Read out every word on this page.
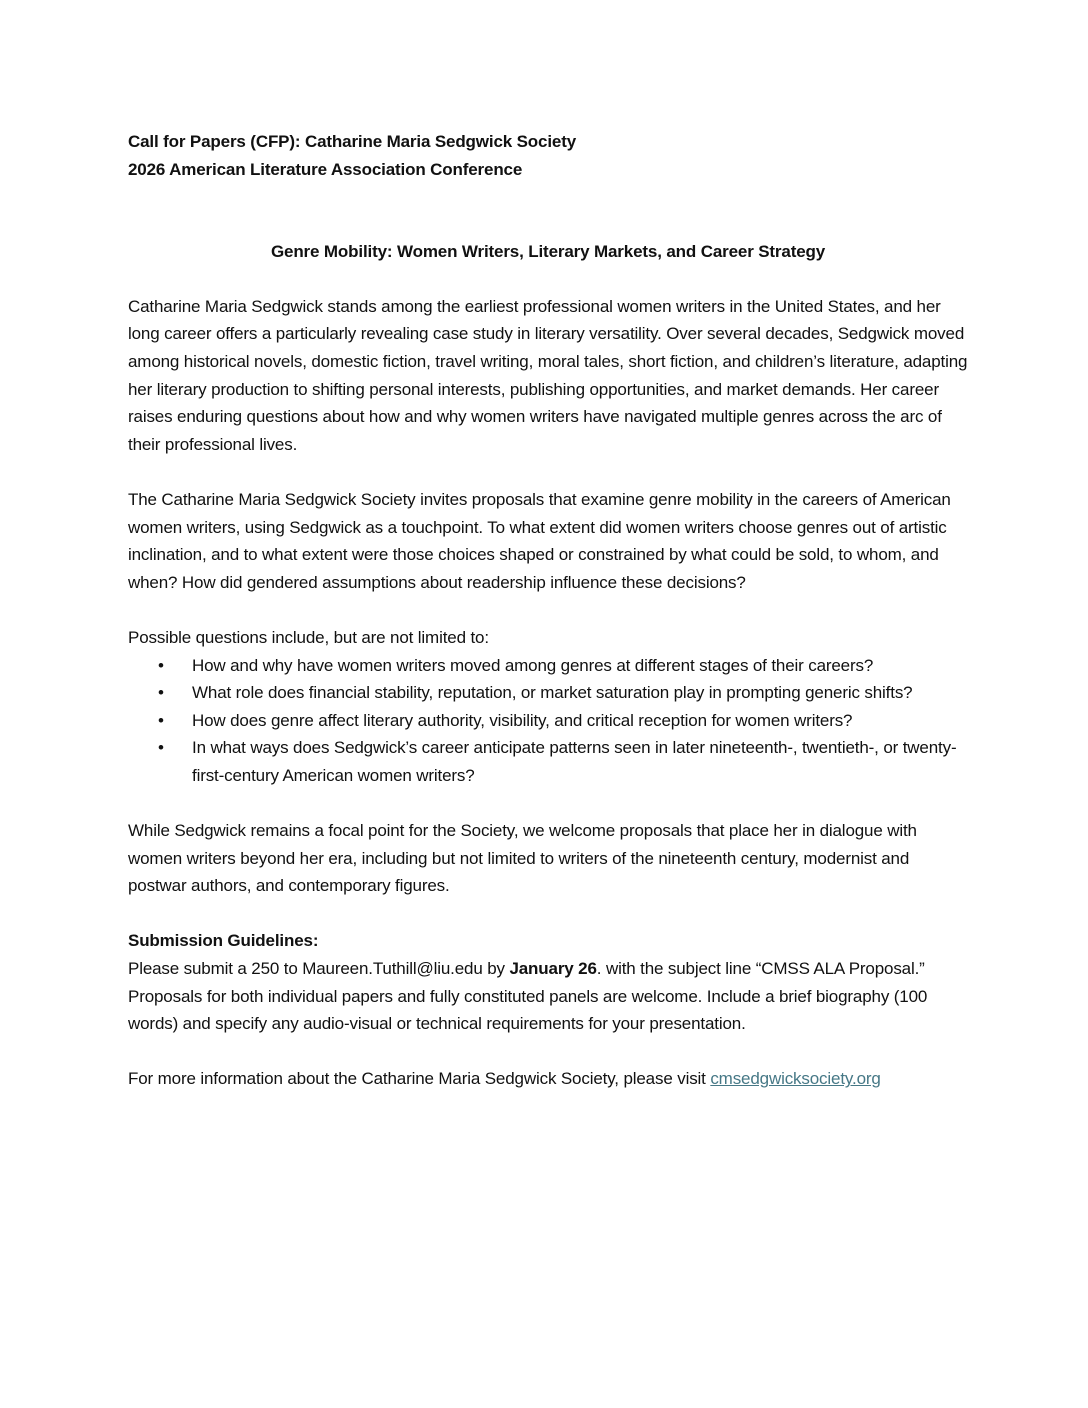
Call for Papers (CFP): Catharine Maria Sedgwick Society
2026 American Literature Association Conference
Genre Mobility: Women Writers, Literary Markets, and Career Strategy

Catharine Maria Sedgwick stands among the earliest professional women writers in the United States, and her long career offers a particularly revealing case study in literary versatility. Over several decades, Sedgwick moved among historical novels, domestic fiction, travel writing, moral tales, short fiction, and children’s literature, adapting her literary production to shifting personal interests, publishing opportunities, and market demands. Her career raises enduring questions about how and why women writers have navigated multiple genres across the arc of their professional lives.

The Catharine Maria Sedgwick Society invites proposals that examine genre mobility in the careers of American women writers, using Sedgwick as a touchpoint. To what extent did women writers choose genres out of artistic inclination, and to what extent were those choices shaped or constrained by what could be sold, to whom, and when? How did gendered assumptions about readership influence these decisions?

Possible questions include, but are not limited to:
• How and why have women writers moved among genres at different stages of their careers?
• What role does financial stability, reputation, or market saturation play in prompting generic shifts?
• How does genre affect literary authority, visibility, and critical reception for women writers?
• In what ways does Sedgwick’s career anticipate patterns seen in later nineteenth-, twentieth-, or twenty-first-century American women writers?

While Sedgwick remains a focal point for the Society, we welcome proposals that place her in dialogue with women writers beyond her era, including but not limited to writers of the nineteenth century, modernist and postwar authors, and contemporary figures.

Submission Guidelines:

Please submit a 250 to Maureen.Tuthill@liu.edu by January 26. with the subject line “CMSS ALA Proposal.” Proposals for both individual papers and fully constituted panels are welcome. Include a brief biography (100 words) and specify any audio-visual or technical requirements for your presentation.

For more information about the Catharine Maria Sedgwick Society, please visit cmsedgwicksociety.org
